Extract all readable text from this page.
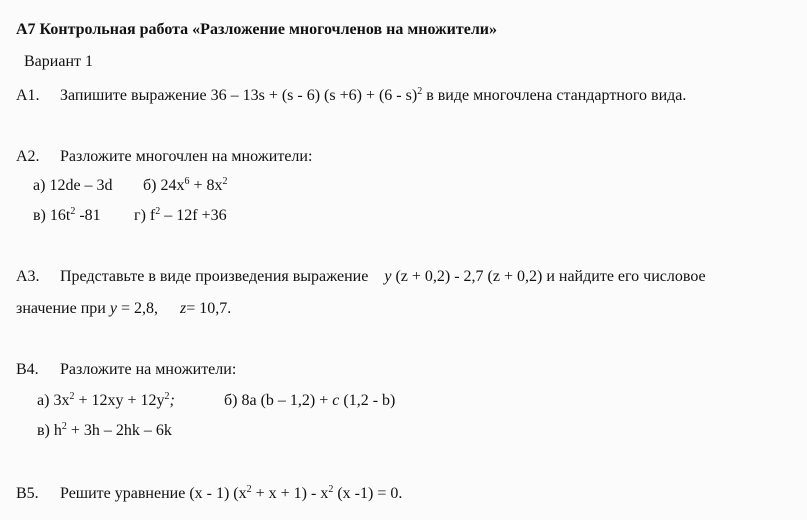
А7 Контрольная работа «Разложение многочленов на множители»
Вариант 1
А1. Запишите выражение 36 – 13s + (s - 6) (s +6) + (6 - s)$^2$ в виде многочлена стандартного вида.
А2. Разложите многочлен на множители:
а) 12de – 3d б) $24x^6 + 8x^2$
в) $16t^2$ -81 г) $f^2 - 12f +36$
А3. Представьте в виде произведения выражение y (z + 0,2) - 2,7 (z + 0,2) и найдите его числовое
значение при y = 2,8, z= 10,7.
В4. Разложите на множители:
а) $3x^2 + 12xy + 12y^2$;	б) 8a (b – 1,2) + c (1,2 - b)
в) $h^2 + 3h - 2hk - 6k$
В5. Решите уравнение (x - 1) $(x^2 + x + 1) - x^2$ (x -1) = 0.
